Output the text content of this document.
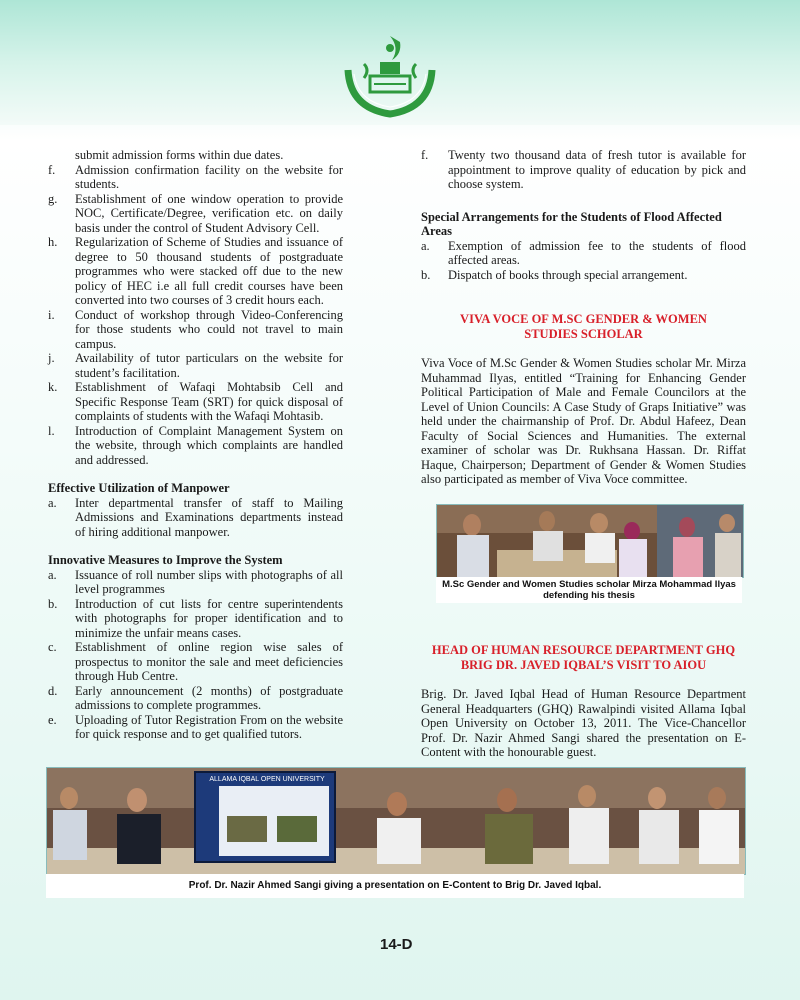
submit admission forms within due dates.
f.	Admission confirmation facility on the website for students.
g.	Establishment of one window operation to provide NOC, Certificate/Degree, verification etc. on daily basis under the control of Student Advisory Cell.
h.	Regularization of Scheme of Studies and issuance of degree to 50 thousand students of postgraduate programmes who were stacked off due to the new policy of HEC i.e all full credit courses have been converted into two courses of 3 credit hours each.
i.	Conduct of workshop through Video-Conferencing for those students who could not travel to main campus.
j.	Availability of tutor particulars on the website for student’s facilitation.
k.	Establishment of Wafaqi Mohtabsib Cell and Specific Response Team (SRT) for quick disposal of complaints of students with the Wafaqi Mohtasib.
l.	Introduction of Complaint Management System on the website, through which complaints are handled and addressed.
Effective Utilization of Manpower
a.	Inter departmental transfer of staff to Mailing Admissions and Examinations departments instead of hiring additional manpower.
Innovative Measures to Improve the System
a.	Issuance of roll number slips with photographs of all level programmes
b.	Introduction of cut lists for centre superintendents with photographs for proper identification and to minimize the unfair means cases.
c.	Establishment of online region wise sales of prospectus to monitor the sale and meet deficiencies through Hub Centre.
d.	Early announcement (2 months) of postgraduate admissions to complete programmes.
e.	Uploading of Tutor Registration From on the website for quick response and to get qualified tutors.
f.	Twenty two thousand data of fresh tutor is available for appointment to improve quality of education by pick and choose system.
Special Arrangements for the Students of Flood Affected Areas
a.	Exemption of admission fee to the students of flood affected areas.
b.	Dispatch of books through special arrangement.
VIVA VOCE OF M.SC GENDER & WOMEN
STUDIES SCHOLAR
Viva Voce of M.Sc Gender & Women Studies scholar Mr. Mirza Muhammad Ilyas, entitled “Training for Enhancing Gender Political Participation of Male and Female Councilors at the Level of Union Councils: A Case Study of Graps Initiative” was held under the chairmanship of Prof. Dr. Abdul Hafeez, Dean Faculty of Social Sciences and Humanities. The external examiner of scholar was Dr. Rukhsana Hassan. Dr. Riffat Haque, Chairperson; Department of Gender & Women Studies also participated as member of Viva Voce committee.
M.Sc Gender and Women Studies scholar Mirza Mohammad Ilyas
defending his thesis
HEAD OF HUMAN RESOURCE DEPARTMENT GHQ
BRIG DR. JAVED IQBAL’S VISIT TO AIOU
Brig. Dr. Javed Iqbal Head of Human Resource Department General Headquarters (GHQ) Rawalpindi visited Allama Iqbal Open University on October 13, 2011. The Vice-Chancellor Prof. Dr. Nazir Ahmed Sangi shared the presentation on E-Content with the honourable guest.
ALLAMA IQBAL OPEN UNIVERSITY
Prof. Dr. Nazir Ahmed Sangi giving a presentation on E-Content to Brig Dr. Javed Iqbal.
14-D
